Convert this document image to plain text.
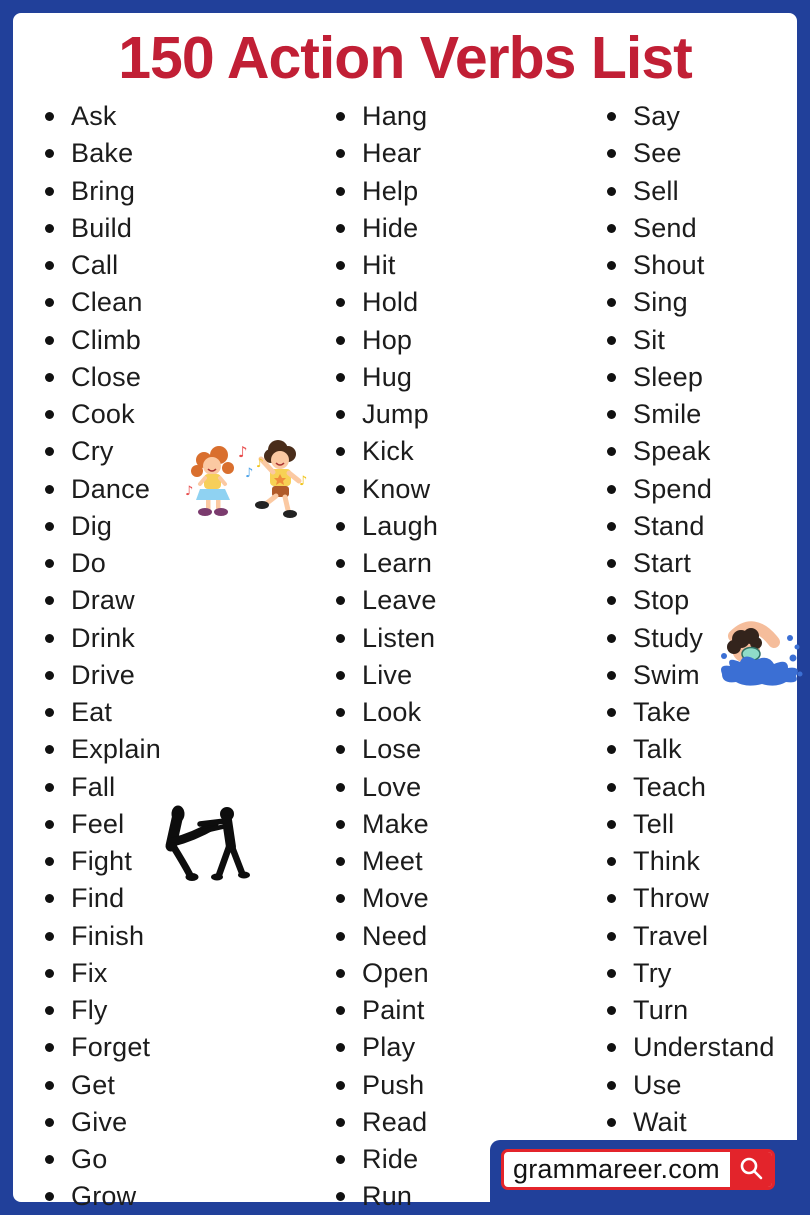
150 Action Verbs List
Ask
Bake
Bring
Build
Call
Clean
Climb
Close
Cook
Cry
Dance
Dig
Do
Draw
Drink
Drive
Eat
Explain
Fall
Feel
Fight
Find
Finish
Fix
Fly
Forget
Get
Give
Go
Grow
Hang
Hear
Help
Hide
Hit
Hold
Hop
Hug
Jump
Kick
Know
Laugh
Learn
Leave
Listen
Live
Look
Lose
Love
Make
Meet
Move
Need
Open
Paint
Play
Push
Read
Ride
Run
Say
See
Sell
Send
Shout
Sing
Sit
Sleep
Smile
Speak
Spend
Stand
Start
Stop
Study
Swim
Take
Talk
Teach
Tell
Think
Throw
Travel
Try
Turn
Understand
Use
Wait
♪
♪
♪
♪
♪
grammareer.com
